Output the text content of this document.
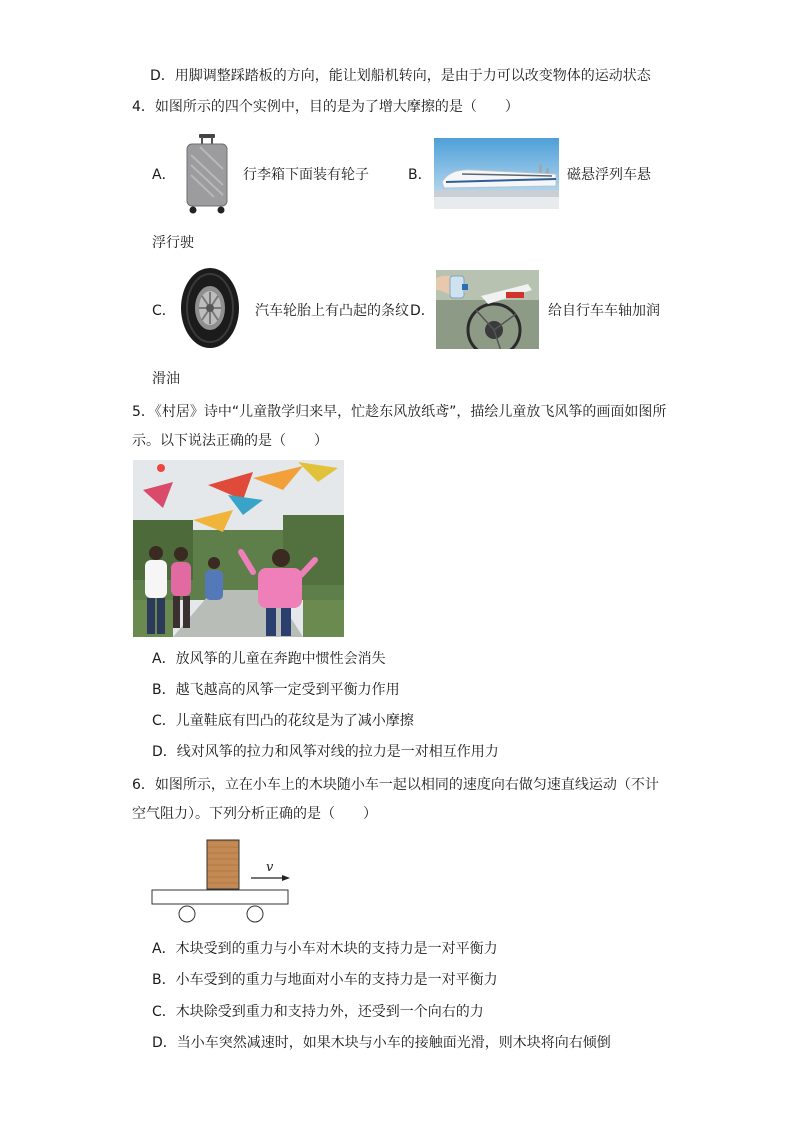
D．用脚调整踩踏板的方向，能让划船机转向，是由于力可以改变物体的运动状态
4．如图所示的四个实例中，目的是为了增大摩擦的是（　　）
A．	行李箱下面装有轮子	B．	磁悬浮列车悬
浮行驶
C．	汽车轮胎上有凸起的条纹 D．	给自行车车轴加润
滑油
5．《村居》诗中“儿童散学归来早，忙趁东风放纸鸢”，描绘儿童放飞风筝的画面如图所
示。以下说法正确的是（　　）
A．放风筝的儿童在奔跑中惯性会消失
B．越飞越高的风筝一定受到平衡力作用
C．儿童鞋底有凹凸的花纹是为了减小摩擦
D．线对风筝的拉力和风筝对线的拉力是一对相互作用力
6．如图所示，立在小车上的木块随小车一起以相同的速度向右做匀速直线运动（不计
空气阻力）。下列分析正确的是（　　）
v
A．木块受到的重力与小车对木块的支持力是一对平衡力
B．小车受到的重力与地面对小车的支持力是一对平衡力
C．木块除受到重力和支持力外，还受到一个向右的力
D．当小车突然减速时，如果木块与小车的接触面光滑，则木块将向右倾倒
